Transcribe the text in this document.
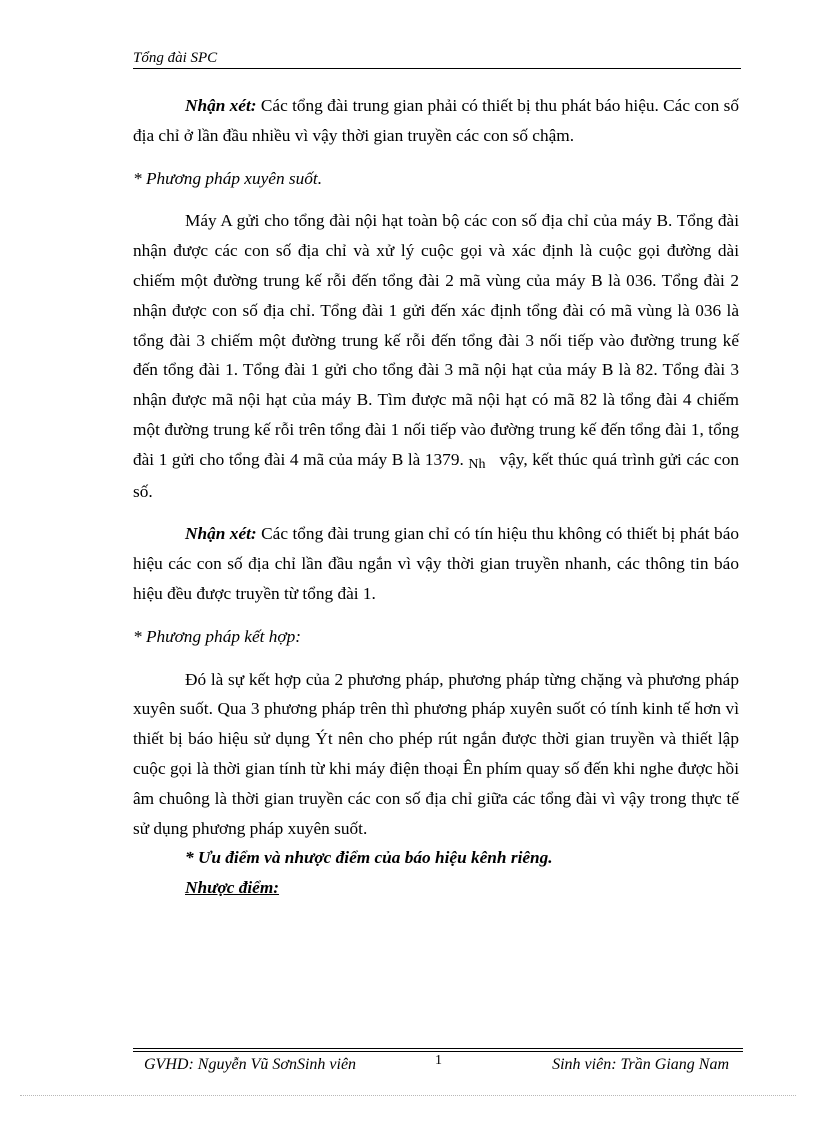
Tổng đài SPC

Nhận xét: Các tổng đài trung gian phải có thiết bị thu phát báo hiệu. Các con số địa chỉ ở lần đầu nhiều vì vậy thời gian truyền các con số chậm.

* Phương pháp xuyên suốt.

Máy A gửi cho tổng đài nội hạt toàn bộ các con số địa chỉ của máy B. Tổng đài nhận được các con số địa chỉ và xử lý cuộc gọi và xác định là cuộc gọi đường dài chiếm một đường trung kế rỗi đến tổng đài 2 mã vùng của máy B là 036. Tổng đài 2 nhận được con số địa chỉ. Tổng đài 1 gửi đến xác định tổng đài có mã vùng là 036 là tổng đài 3 chiếm một đường trung kế rỗi đến tổng đài 3 nối tiếp vào đường trung kế đến tổng đài 1. Tổng đài 1 gửi cho tổng đài 3 mã nội hạt của máy B là 82. Tổng đài 3 nhận được mã nội hạt của máy B. Tìm được mã nội hạt có mã 82 là tổng đài 4 chiếm một đường trung kế rỗi trên tổng đài 1 nối tiếp vào đường trung kế đến tổng đài 1, tổng đài 1 gửi cho tổng đài 4 mã của máy B là 1379. Nh vậy, kết thúc quá trình gửi các con số.

Nhận xét: Các tổng đài trung gian chỉ có tín hiệu thu không có thiết bị phát báo hiệu các con số địa chỉ lần đầu ngắn vì vậy thời gian truyền nhanh, các thông tin báo hiệu đều được truyền từ tổng đài 1.

* Phương pháp kết hợp:

Đó là sự kết hợp của 2 phương pháp, phương pháp từng chặng và phương pháp xuyên suốt. Qua 3 phương pháp trên thì phương pháp xuyên suốt có tính kinh tế hơn vì thiết bị báo hiệu sử dụng Ýt nên cho phép rút ngắn được thời gian truyền và thiết lập cuộc gọi là thời gian tính từ khi máy điện thoại Ên phím quay số đến khi nghe được hồi âm chuông là thời gian truyền các con số địa chỉ giữa các tổng đài vì vậy trong thực tế sử dụng phương pháp xuyên suốt.

* Ưu điểm và nhược điểm của báo hiệu kênh riêng.

Nhược điểm:

GVHD: Nguyễn Vũ SơnSinh viên	1	Sinh viên: Trần Giang Nam
